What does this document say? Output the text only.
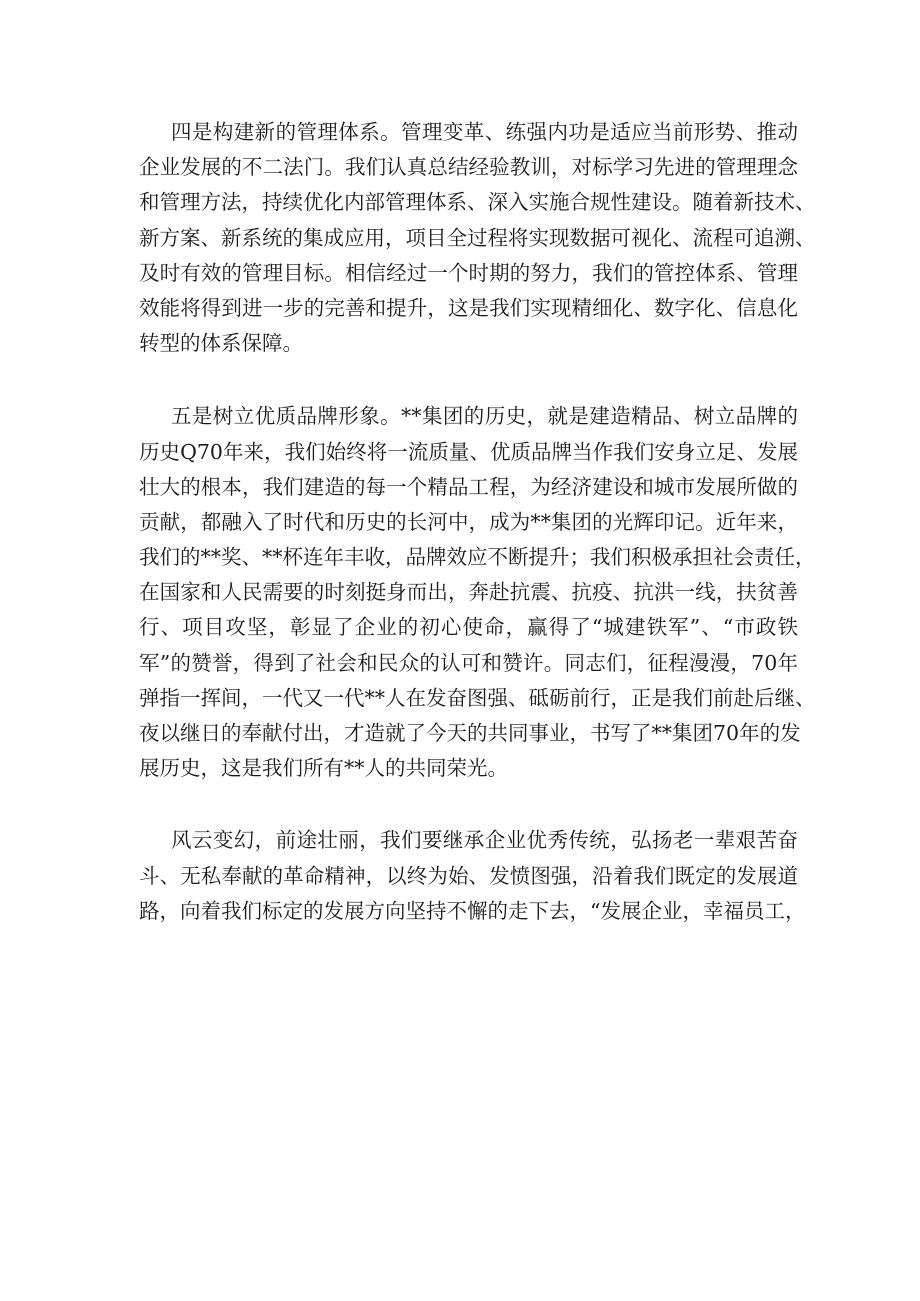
四是构建新的管理体系。管理变革、练强内功是适应当前形势、推动
企业发展的不二法门。我们认真总结经验教训，对标学习先进的管理理念
和管理方法，持续优化内部管理体系、深入实施合规性建设。随着新技术、
新方案、新系统的集成应用，项目全过程将实现数据可视化、流程可追溯、
及时有效的管理目标。相信经过一个时期的努力，我们的管控体系、管理
效能将得到进一步的完善和提升，这是我们实现精细化、数字化、信息化
转型的体系保障。
五是树立优质品牌形象。**集团的历史，就是建造精品、树立品牌的
历史Q70年来，我们始终将一流质量、优质品牌当作我们安身立足、发展
壮大的根本，我们建造的每一个精品工程，为经济建设和城市发展所做的
贡献，都融入了时代和历史的长河中，成为**集团的光辉印记。近年来，
我们的**奖、**杯连年丰收，品牌效应不断提升；我们积极承担社会责任，
在国家和人民需要的时刻挺身而出，奔赴抗震、抗疫、抗洪一线，扶贫善
行、项目攻坚，彰显了企业的初心使命，赢得了“城建铁军”、“市政铁
军”的赞誉，得到了社会和民众的认可和赞许。同志们，征程漫漫，70年
弹指一挥间，一代又一代**人在发奋图强、砥砺前行，正是我们前赴后继、
夜以继日的奉献付出，才造就了今天的共同事业，书写了**集团70年的发
展历史，这是我们所有**人的共同荣光。
风云变幻，前途壮丽，我们要继承企业优秀传统，弘扬老一辈艰苦奋
斗、无私奉献的革命精神，以终为始、发愤图强，沿着我们既定的发展道
路，向着我们标定的发展方向坚持不懈的走下去，“发展企业，幸福员工，
